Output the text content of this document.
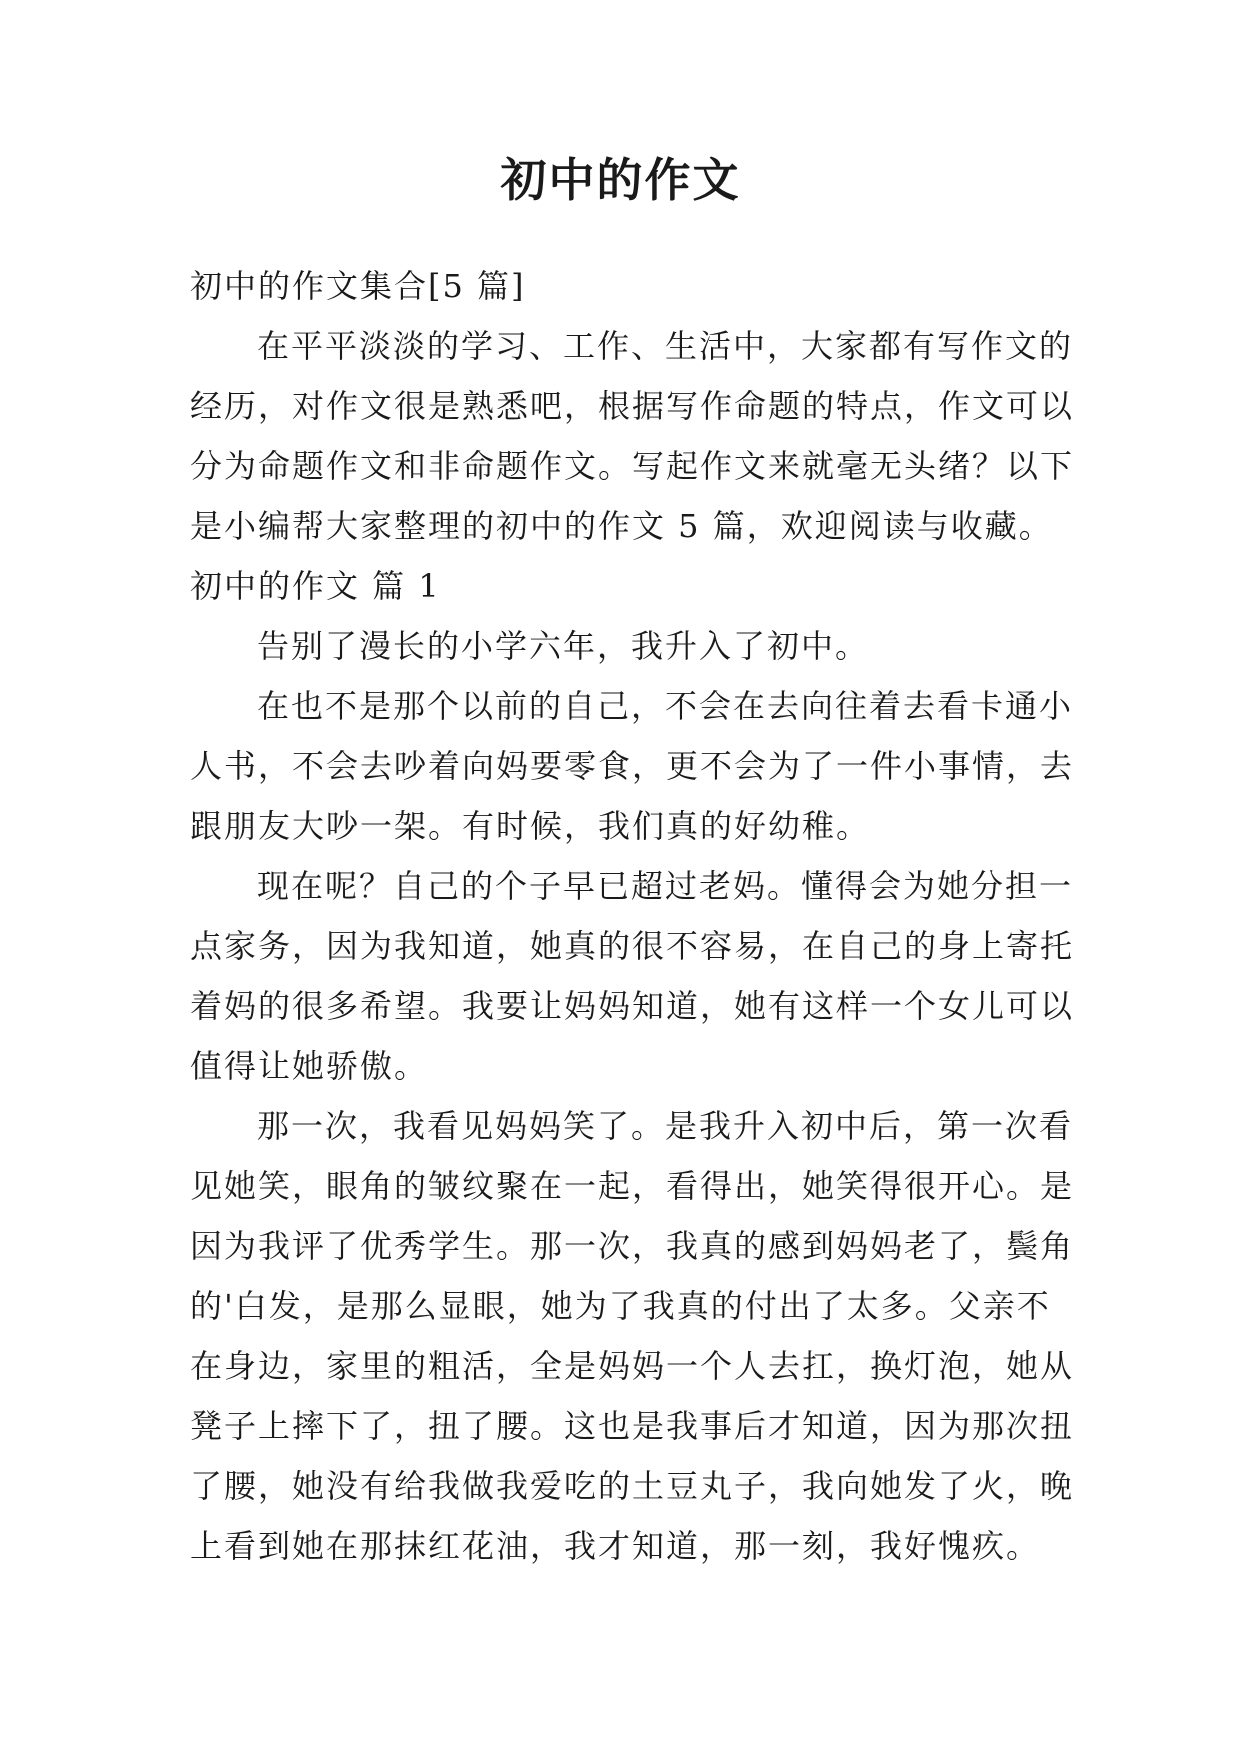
初中的作文

初中的作文集合[5 篇]

在平平淡淡的学习、工作、生活中，大家都有写作文的

经历，对作文很是熟悉吧，根据写作命题的特点，作文可以

分为命题作文和非命题作文。写起作文来就毫无头绪？以下

是小编帮大家整理的初中的作文 5 篇，欢迎阅读与收藏。

初中的作文 篇 1

告别了漫长的小学六年，我升入了初中。

在也不是那个以前的自己，不会在去向往着去看卡通小

人书，不会去吵着向妈要零食，更不会为了一件小事情，去

跟朋友大吵一架。有时候，我们真的好幼稚。

现在呢？自己的个子早已超过老妈。懂得会为她分担一

点家务，因为我知道，她真的很不容易，在自己的身上寄托

着妈的很多希望。我要让妈妈知道，她有这样一个女儿可以

值得让她骄傲。

那一次，我看见妈妈笑了。是我升入初中后，第一次看

见她笑，眼角的皱纹聚在一起，看得出，她笑得很开心。是

因为我评了优秀学生。那一次，我真的感到妈妈老了，鬓角

的'白发，是那么显眼，她为了我真的付出了太多。父亲不

在身边，家里的粗活，全是妈妈一个人去扛，换灯泡，她从

凳子上摔下了，扭了腰。这也是我事后才知道，因为那次扭

了腰，她没有给我做我爱吃的土豆丸子，我向她发了火，晚

上看到她在那抹红花油，我才知道，那一刻，我好愧疚。
